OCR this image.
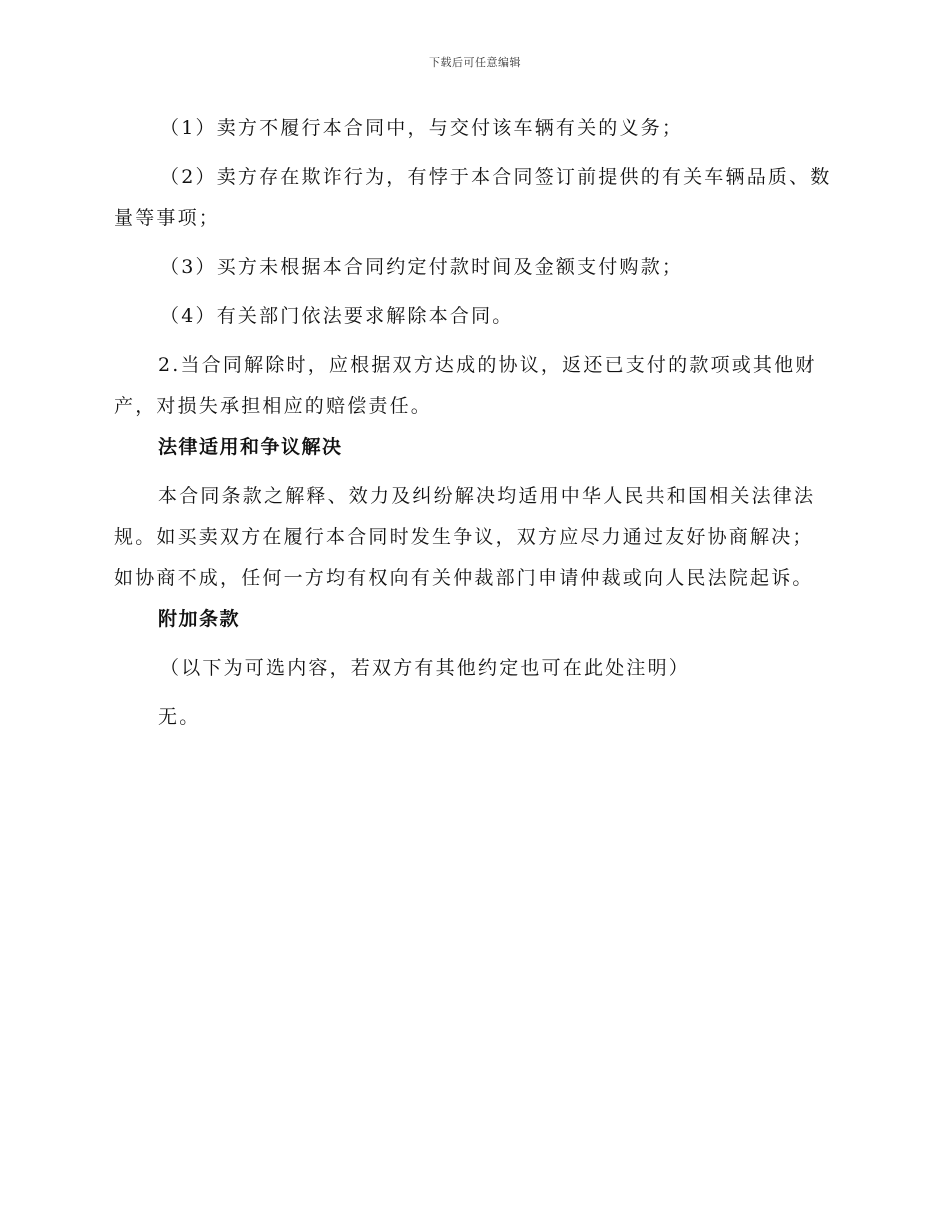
下载后可任意编辑

（1）卖方不履行本合同中，与交付该车辆有关的义务；

（2）卖方存在欺诈行为，有悖于本合同签订前提供的有关车辆品质、数量等事项；

（3）买方未根据本合同约定付款时间及金额支付购款；

（4）有关部门依法要求解除本合同。

2.当合同解除时，应根据双方达成的协议，返还已支付的款项或其他财产，对损失承担相应的赔偿责任。

法律适用和争议解决

本合同条款之解释、效力及纠纷解决均适用中华人民共和国相关法律法规。如买卖双方在履行本合同时发生争议，双方应尽力通过友好协商解决；如协商不成，任何一方均有权向有关仲裁部门申请仲裁或向人民法院起诉。

附加条款

（以下为可选内容，若双方有其他约定也可在此处注明）

无。
